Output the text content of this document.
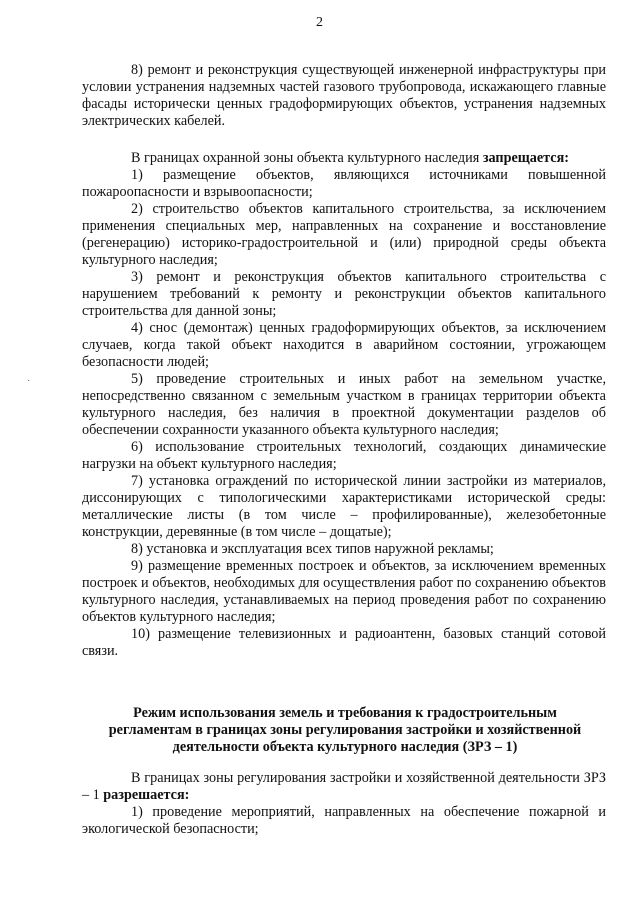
2
˙

8) ремонт и реконструкция существующей инженерной инфраструктуры при условии устранения надземных частей газового трубопровода, искажающего главные фасады исторически ценных градоформирующих объектов, устранения надземных электрических кабелей.

В границах охранной зоны объекта культурного наследия запрещается:

1) размещение объектов, являющихся источниками повышенной пожароопасности и взрывоопасности;

2) строительство объектов капитального строительства, за исключением применения специальных мер, направленных на сохранение и восстановление (регенерацию) историко-градостроительной и (или) природной среды объекта культурного наследия;

3) ремонт и реконструкция объектов капитального строительства с нарушением требований к ремонту и реконструкции объектов капитального строительства для данной зоны;

4) снос (демонтаж) ценных градоформирующих объектов, за исключением случаев, когда такой объект находится в аварийном состоянии, угрожающем безопасности людей;

5) проведение строительных и иных работ на земельном участке, непосредственно связанном с земельным участком в границах территории объекта культурного наследия, без наличия в проектной документации разделов об обеспечении сохранности указанного объекта культурного наследия;

6) использование строительных технологий, создающих динамические нагрузки на объект культурного наследия;

7) установка ограждений по исторической линии застройки из материалов, диссонирующих с типологическими характеристиками исторической среды: металлические листы (в том числе – профилированные), железобетонные конструкции, деревянные (в том числе – дощатые);

8) установка и эксплуатация всех типов наружной рекламы;

9) размещение временных построек и объектов, за исключением временных построек и объектов, необходимых для осуществления работ по сохранению объектов культурного наследия, устанавливаемых на период проведения работ по сохранению объектов культурного наследия;

10) размещение телевизионных и радиоантенн, базовых станций сотовой связи.

Режим использования земель и требования к градостроительным
регламентам в границах зоны регулирования застройки и хозяйственной
деятельности объекта культурного наследия (ЗРЗ – 1)

В границах зоны регулирования застройки и хозяйственной деятельности ЗРЗ – 1 разрешается:

1) проведение мероприятий, направленных на обеспечение пожарной и экологической безопасности;
